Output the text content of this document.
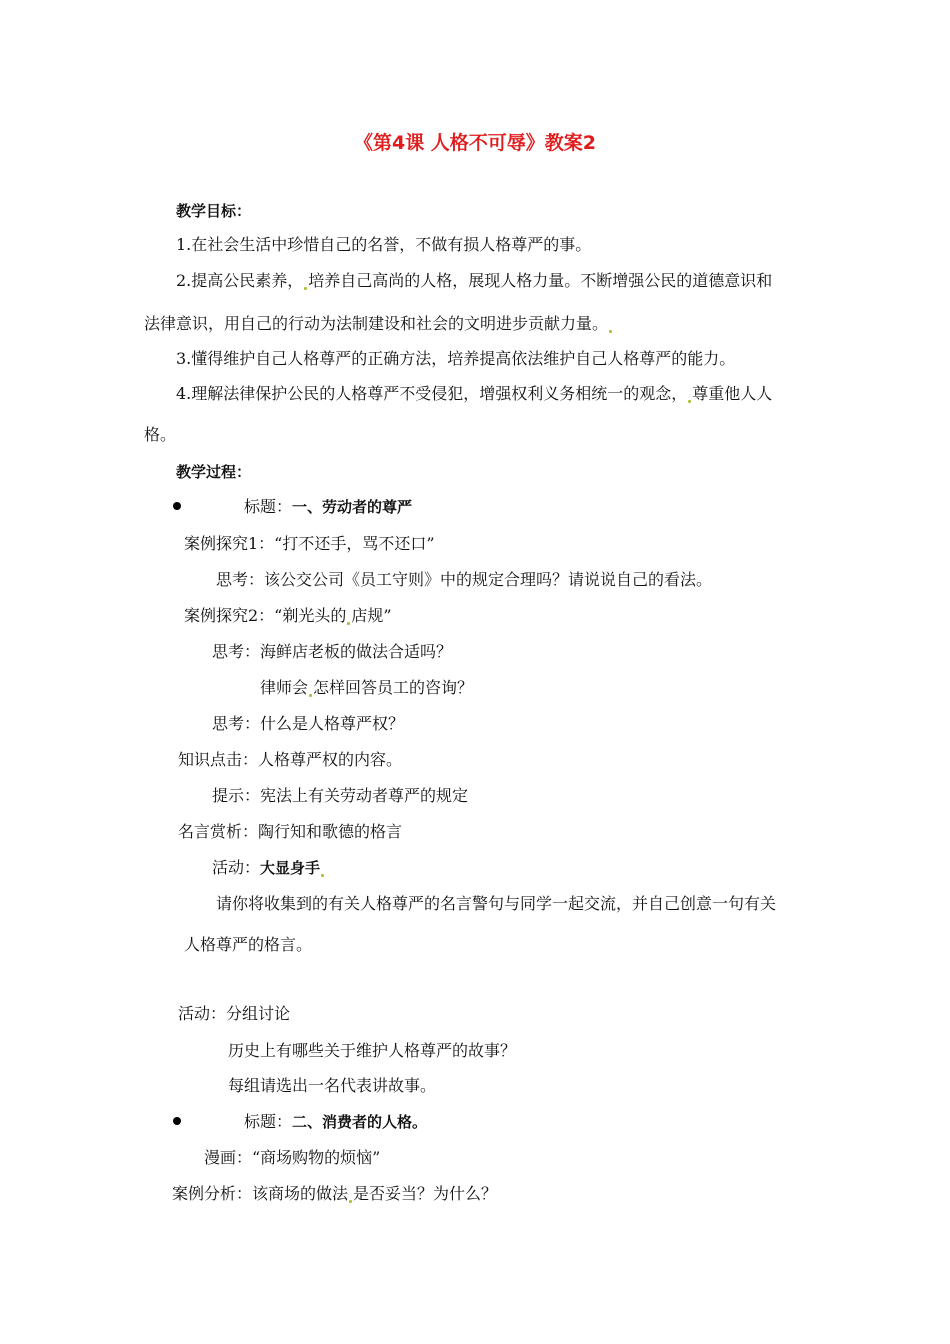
《第4课 人格不可辱》教案2
教学目标：
1.在社会生活中珍惜自己的名誉，不做有损人格尊严的事。
2.提高公民素养， 培养自己高尚的人格，展现人格力量。不断增强公民的道德意识和
法律意识，用自己的行动为法制建设和社会的文明进步贡献力量。
3.懂得维护自己人格尊严的正确方法，培养提高依法维护自己人格尊严的能力。
4.理解法律保护公民的人格尊严不受侵犯，增强权利义务相统一的观念， 尊重他人人
格。
教学过程：
标题：一、劳动者的尊严
案例探究1：“打不还手，骂不还口”
思考：该公交公司《员工守则》中的规定合理吗？请说说自己的看法。
案例探究2：“剃光头的 店规”
思考：海鲜店老板的做法合适吗？
律师会 怎样回答员工的咨询？
思考：什么是人格尊严权？
知识点击：人格尊严权的内容。
提示：宪法上有关劳动者尊严的规定
名言赏析：陶行知和歌德的格言
活动：大显身手
请你将收集到的有关人格尊严的名言警句与同学一起交流，并自己创意一句有关
人格尊严的格言。
活动：分组讨论
历史上有哪些关于维护人格尊严的故事？
每组请选出一名代表讲故事。
标题：二、消费者的人格。
漫画：“商场购物的烦恼”
案例分析：该商场的做法 是否妥当？为什么？
